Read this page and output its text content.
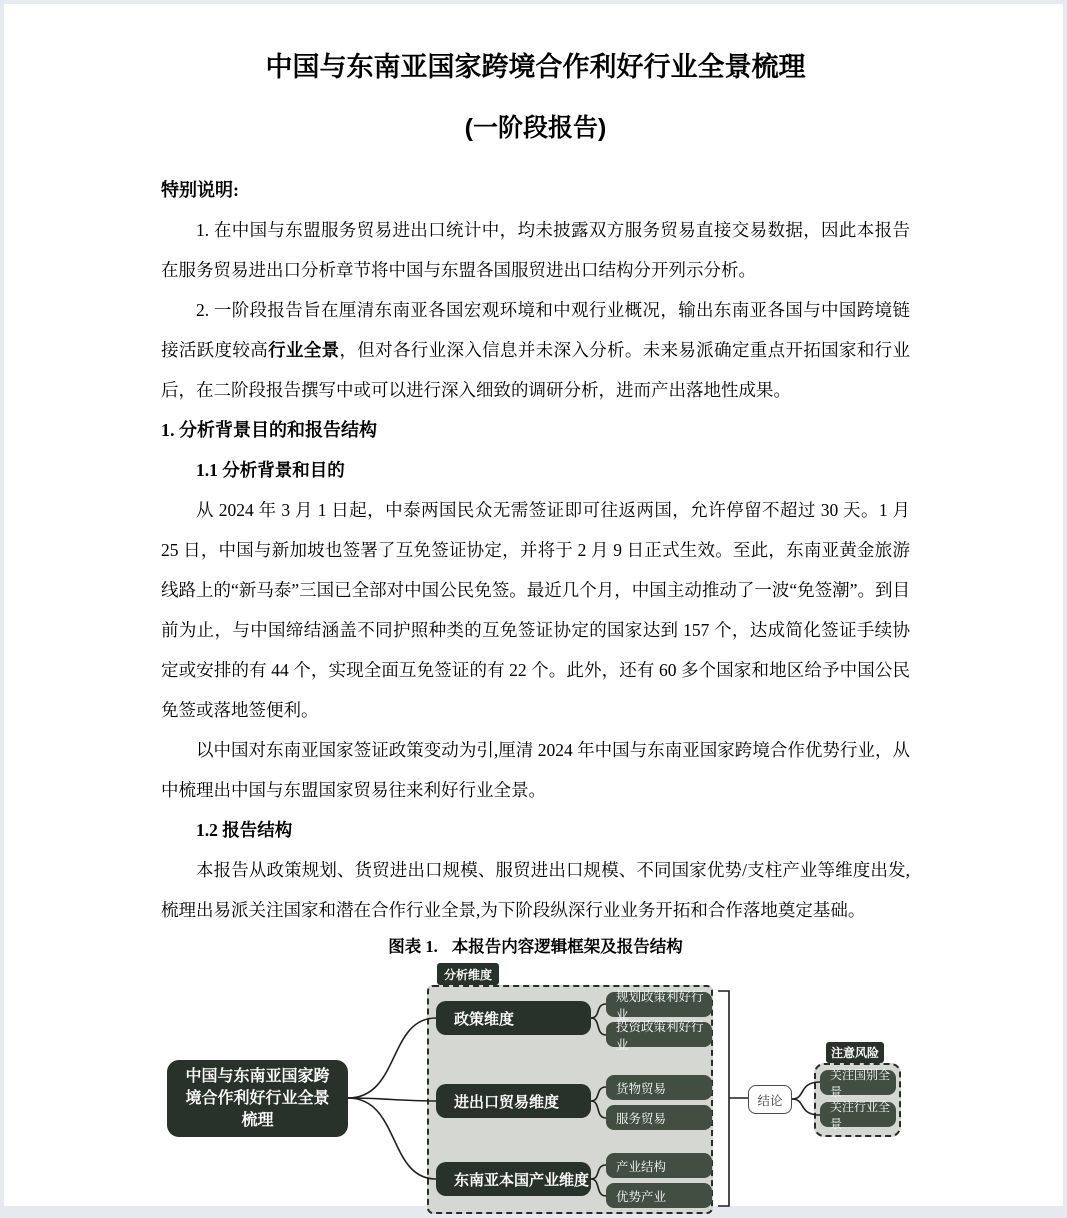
中国与东南亚国家跨境合作利好行业全景梳理
(一阶段报告)

特别说明:

1. 在中国与东盟服务贸易进出口统计中，均未披露双方服务贸易直接交易数据，因此本报告在服务贸易进出口分析章节将中国与东盟各国服贸进出口结构分开列示分析。

2. 一阶段报告旨在厘清东南亚各国宏观环境和中观行业概况，输出东南亚各国与中国跨境链接活跃度较高行业全景，但对各行业深入信息并未深入分析。未来易派确定重点开拓国家和行业后，在二阶段报告撰写中或可以进行深入细致的调研分析，进而产出落地性成果。

1. 分析背景目的和报告结构
1.1 分析背景和目的

从 2024 年 3 月 1 日起，中泰两国民众无需签证即可往返两国，允许停留不超过 30 天。1 月 25 日，中国与新加坡也签署了互免签证协定，并将于 2 月 9 日正式生效。至此，东南亚黄金旅游线路上的“新马泰”三国已全部对中国公民免签。最近几个月，中国主动推动了一波“免签潮”。到目前为止，与中国缔结涵盖不同护照种类的互免签证协定的国家达到 157 个，达成简化签证手续协定或安排的有 44 个，实现全面互免签证的有 22 个。此外，还有 60 多个国家和地区给予中国公民免签或落地签便利。

以中国对东南亚国家签证政策变动为引,厘清 2024 年中国与东南亚国家跨境合作优势行业，从中梳理出中国与东盟国家贸易往来利好行业全景。

1.2 报告结构

本报告从政策规划、货贸进出口规模、服贸进出口规模、不同国家优势/支柱产业等维度出发,梳理出易派关注国家和潜在合作行业全景,为下阶段纵深行业业务开拓和合作落地奠定基础。

图表 1. 本报告内容逻辑框架及报告结构

分析维度
中国与东南亚国家跨境合作利好行业全景梳理
政策维度
规划政策利好行业
投资政策利好行业
进出口贸易维度
货物贸易
服务贸易
东南亚本国产业维度
产业结构
优势产业
结论
注意风险
关注国别全景
关注行业全景
